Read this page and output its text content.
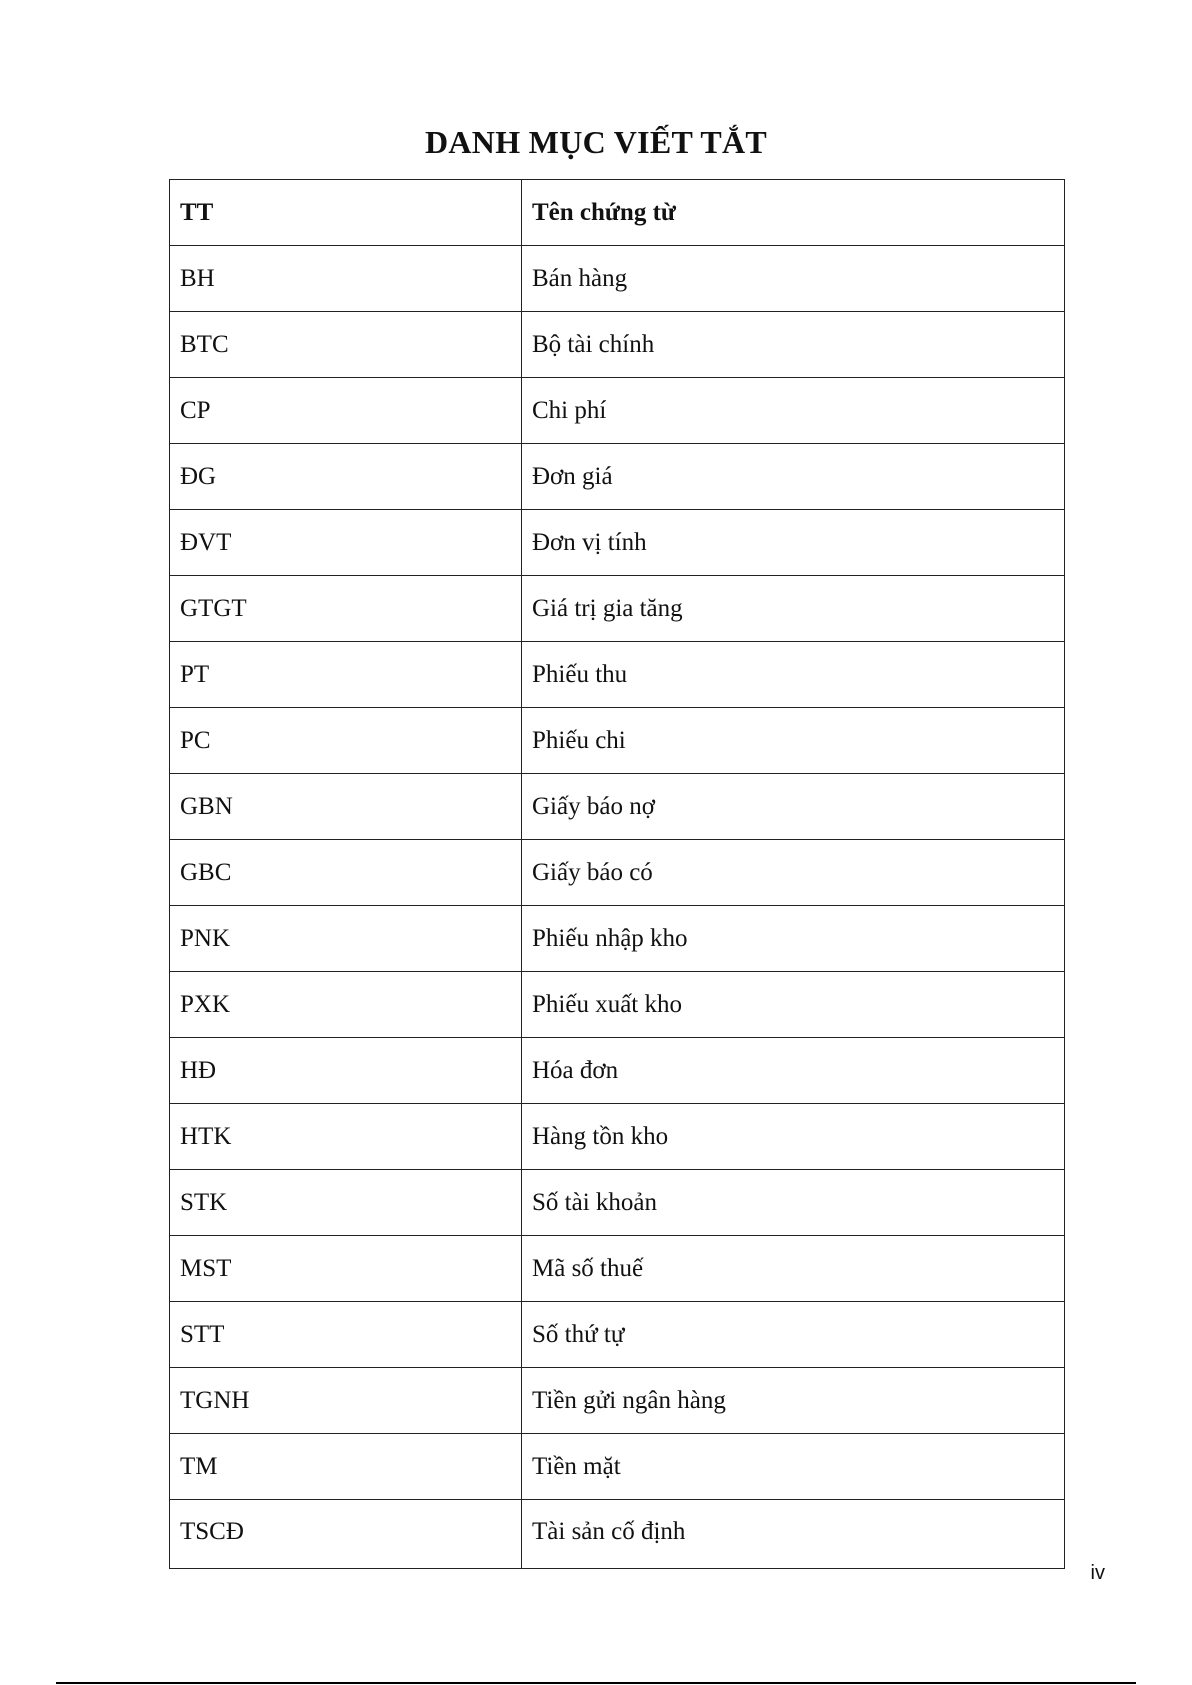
DANH MỤC VIẾT TẮT
TT	Tên chứng từ
BH	Bán hàng
BTC	Bộ tài chính
CP	Chi phí
ĐG	Đơn giá
ĐVT	Đơn vị tính
GTGT	Giá trị gia tăng
PT	Phiếu thu
PC	Phiếu chi
GBN	Giấy báo nợ
GBC	Giấy báo có
PNK	Phiếu nhập kho
PXK	Phiếu xuất kho
HĐ	Hóa đơn
HTK	Hàng tồn kho
STK	Số tài khoản
MST	Mã số thuế
STT	Số thứ tự
TGNH	Tiền gửi ngân hàng
TM	Tiền mặt
TSCĐ	Tài sản cố định
iv
